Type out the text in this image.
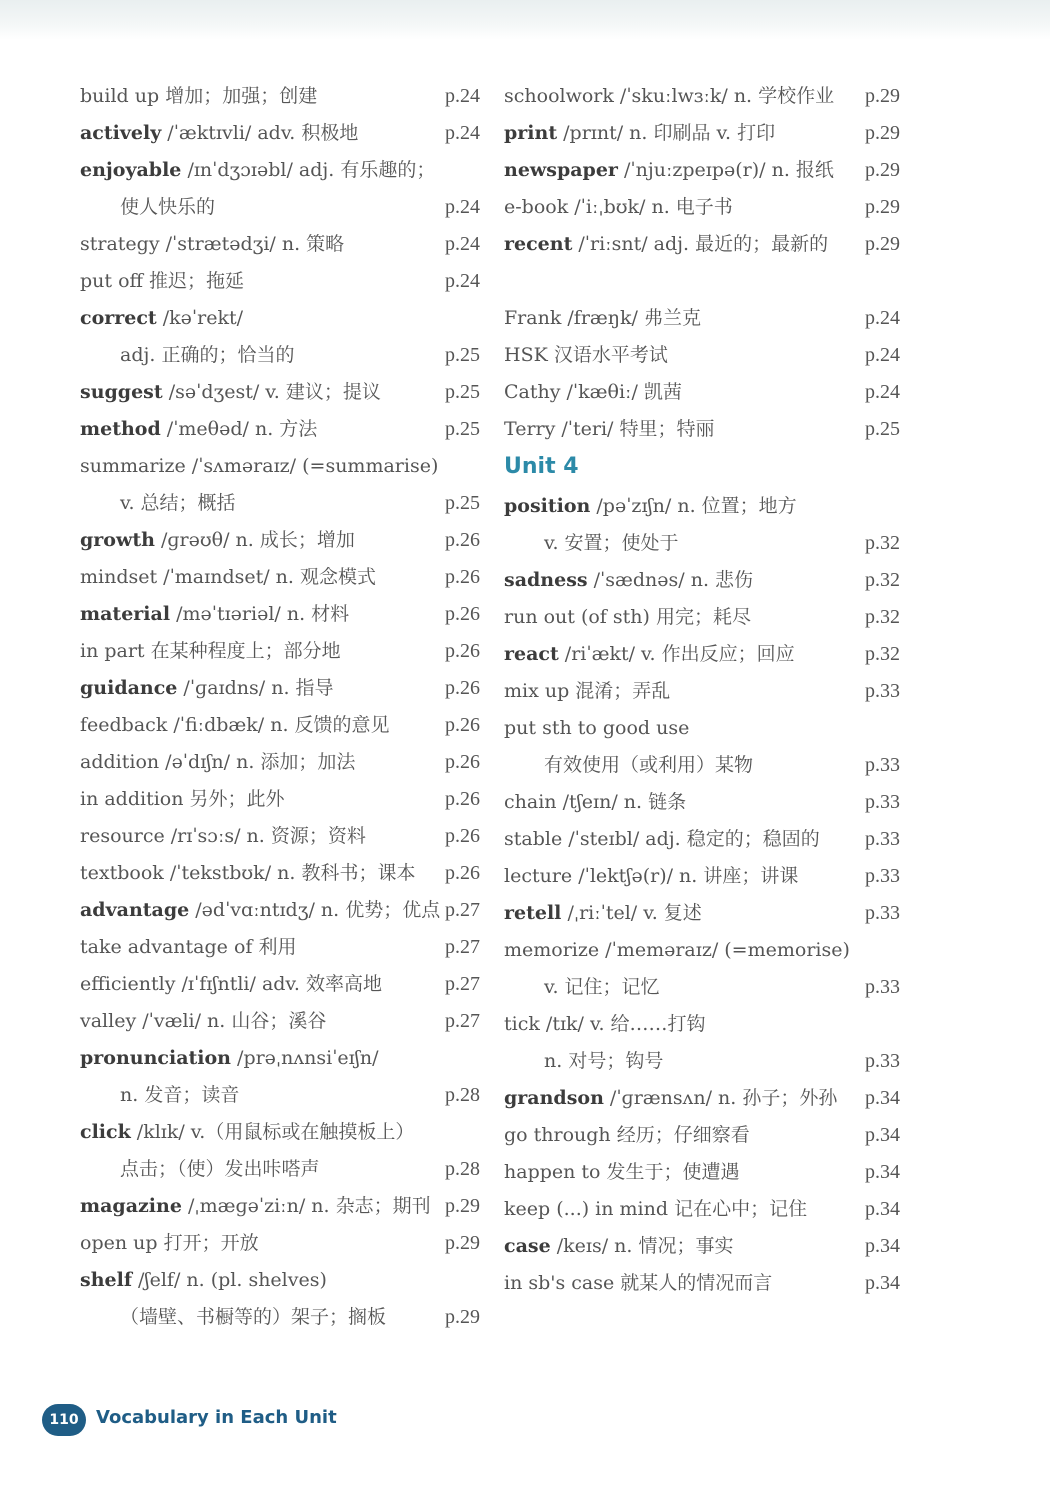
build up 增加；加强；创建	p.24
actively /ˈæktɪvli/ adv. 积极地	p.24
enjoyable /ɪnˈdʒɔɪəbl/ adj. 有乐趣的；
使人快乐的	p.24
strategy /ˈstrætədʒi/ n. 策略	p.24
put off 推迟；拖延	p.24
correct /kəˈrekt/
adj. 正确的；恰当的	p.25
suggest /səˈdʒest/ v. 建议；提议	p.25
method /ˈmeθəd/ n. 方法	p.25
summarize /ˈsʌməraɪz/ (=summarise)
v. 总结；概括	p.25
growth /ɡrəʊθ/ n. 成长；增加	p.26
mindset /ˈmaɪndset/ n. 观念模式	p.26
material /məˈtɪəriəl/ n. 材料	p.26
in part 在某种程度上；部分地	p.26
guidance /ˈɡaɪdns/ n. 指导	p.26
feedback /ˈfiːdbæk/ n. 反馈的意见	p.26
addition /əˈdɪʃn/ n. 添加；加法	p.26
in addition 另外；此外	p.26
resource /rɪˈsɔːs/ n. 资源；资料	p.26
textbook /ˈtekstbʊk/ n. 教科书；课本 p.26
advantage /ədˈvɑːntɪdʒ/ n. 优势；优点 p.27
take advantage of 利用	p.27
efficiently /ɪˈfɪʃntli/ adv. 效率高地	p.27
valley /ˈvæli/ n. 山谷；溪谷	p.27
pronunciation /prəˌnʌnsiˈeɪʃn/
n. 发音；读音	p.28
click /klɪk/ v.（用鼠标或在触摸板上）
点击；（使）发出咔嗒声	p.28
magazine /ˌmæɡəˈziːn/ n. 杂志；期刊 p.29
open up 打开；开放	p.29
shelf /ʃelf/ n. (pl. shelves)
（墙壁、书橱等的）架子；搁板	p.29
schoolwork /ˈskuːlwɜːk/ n. 学校作业 p.29
print /prɪnt/ n. 印刷品 v. 打印	p.29
newspaper /ˈnjuːzpeɪpə(r)/ n. 报纸 p.29
e-book /ˈiːˌbʊk/ n. 电子书	p.29
recent /ˈriːsnt/ adj. 最近的；最新的 p.29
Frank /fræŋk/ 弗兰克	p.24
HSK 汉语水平考试	p.24
Cathy /ˈkæθiː/ 凯茜	p.24
Terry /ˈteri/ 特里；特丽	p.25
Unit 4
position /pəˈzɪʃn/ n. 位置；地方
v. 安置；使处于	p.32
sadness /ˈsædnəs/ n. 悲伤	p.32
run out (of sth) 用完；耗尽	p.32
react /riˈækt/ v. 作出反应；回应	p.32
mix up 混淆；弄乱	p.33
put sth to good use
有效使用（或利用）某物	p.33
chain /tʃeɪn/ n. 链条	p.33
stable /ˈsteɪbl/ adj. 稳定的；稳固的 p.33
lecture /ˈlektʃə(r)/ n. 讲座；讲课	p.33
retell /ˌriːˈtel/ v. 复述	p.33
memorize /ˈmeməraɪz/ (=memorise)
v. 记住；记忆	p.33
tick /tɪk/ v. 给……打钩
n. 对号；钩号	p.33
grandson /ˈɡrænsʌn/ n. 孙子；外孙 p.34
go through 经历；仔细察看	p.34
happen to 发生于；使遭遇	p.34
keep (...) in mind 记在心中；记住	p.34
case /keɪs/ n. 情况；事实	p.34
in sb's case 就某人的情况而言	p.34
110 Vocabulary in Each Unit
